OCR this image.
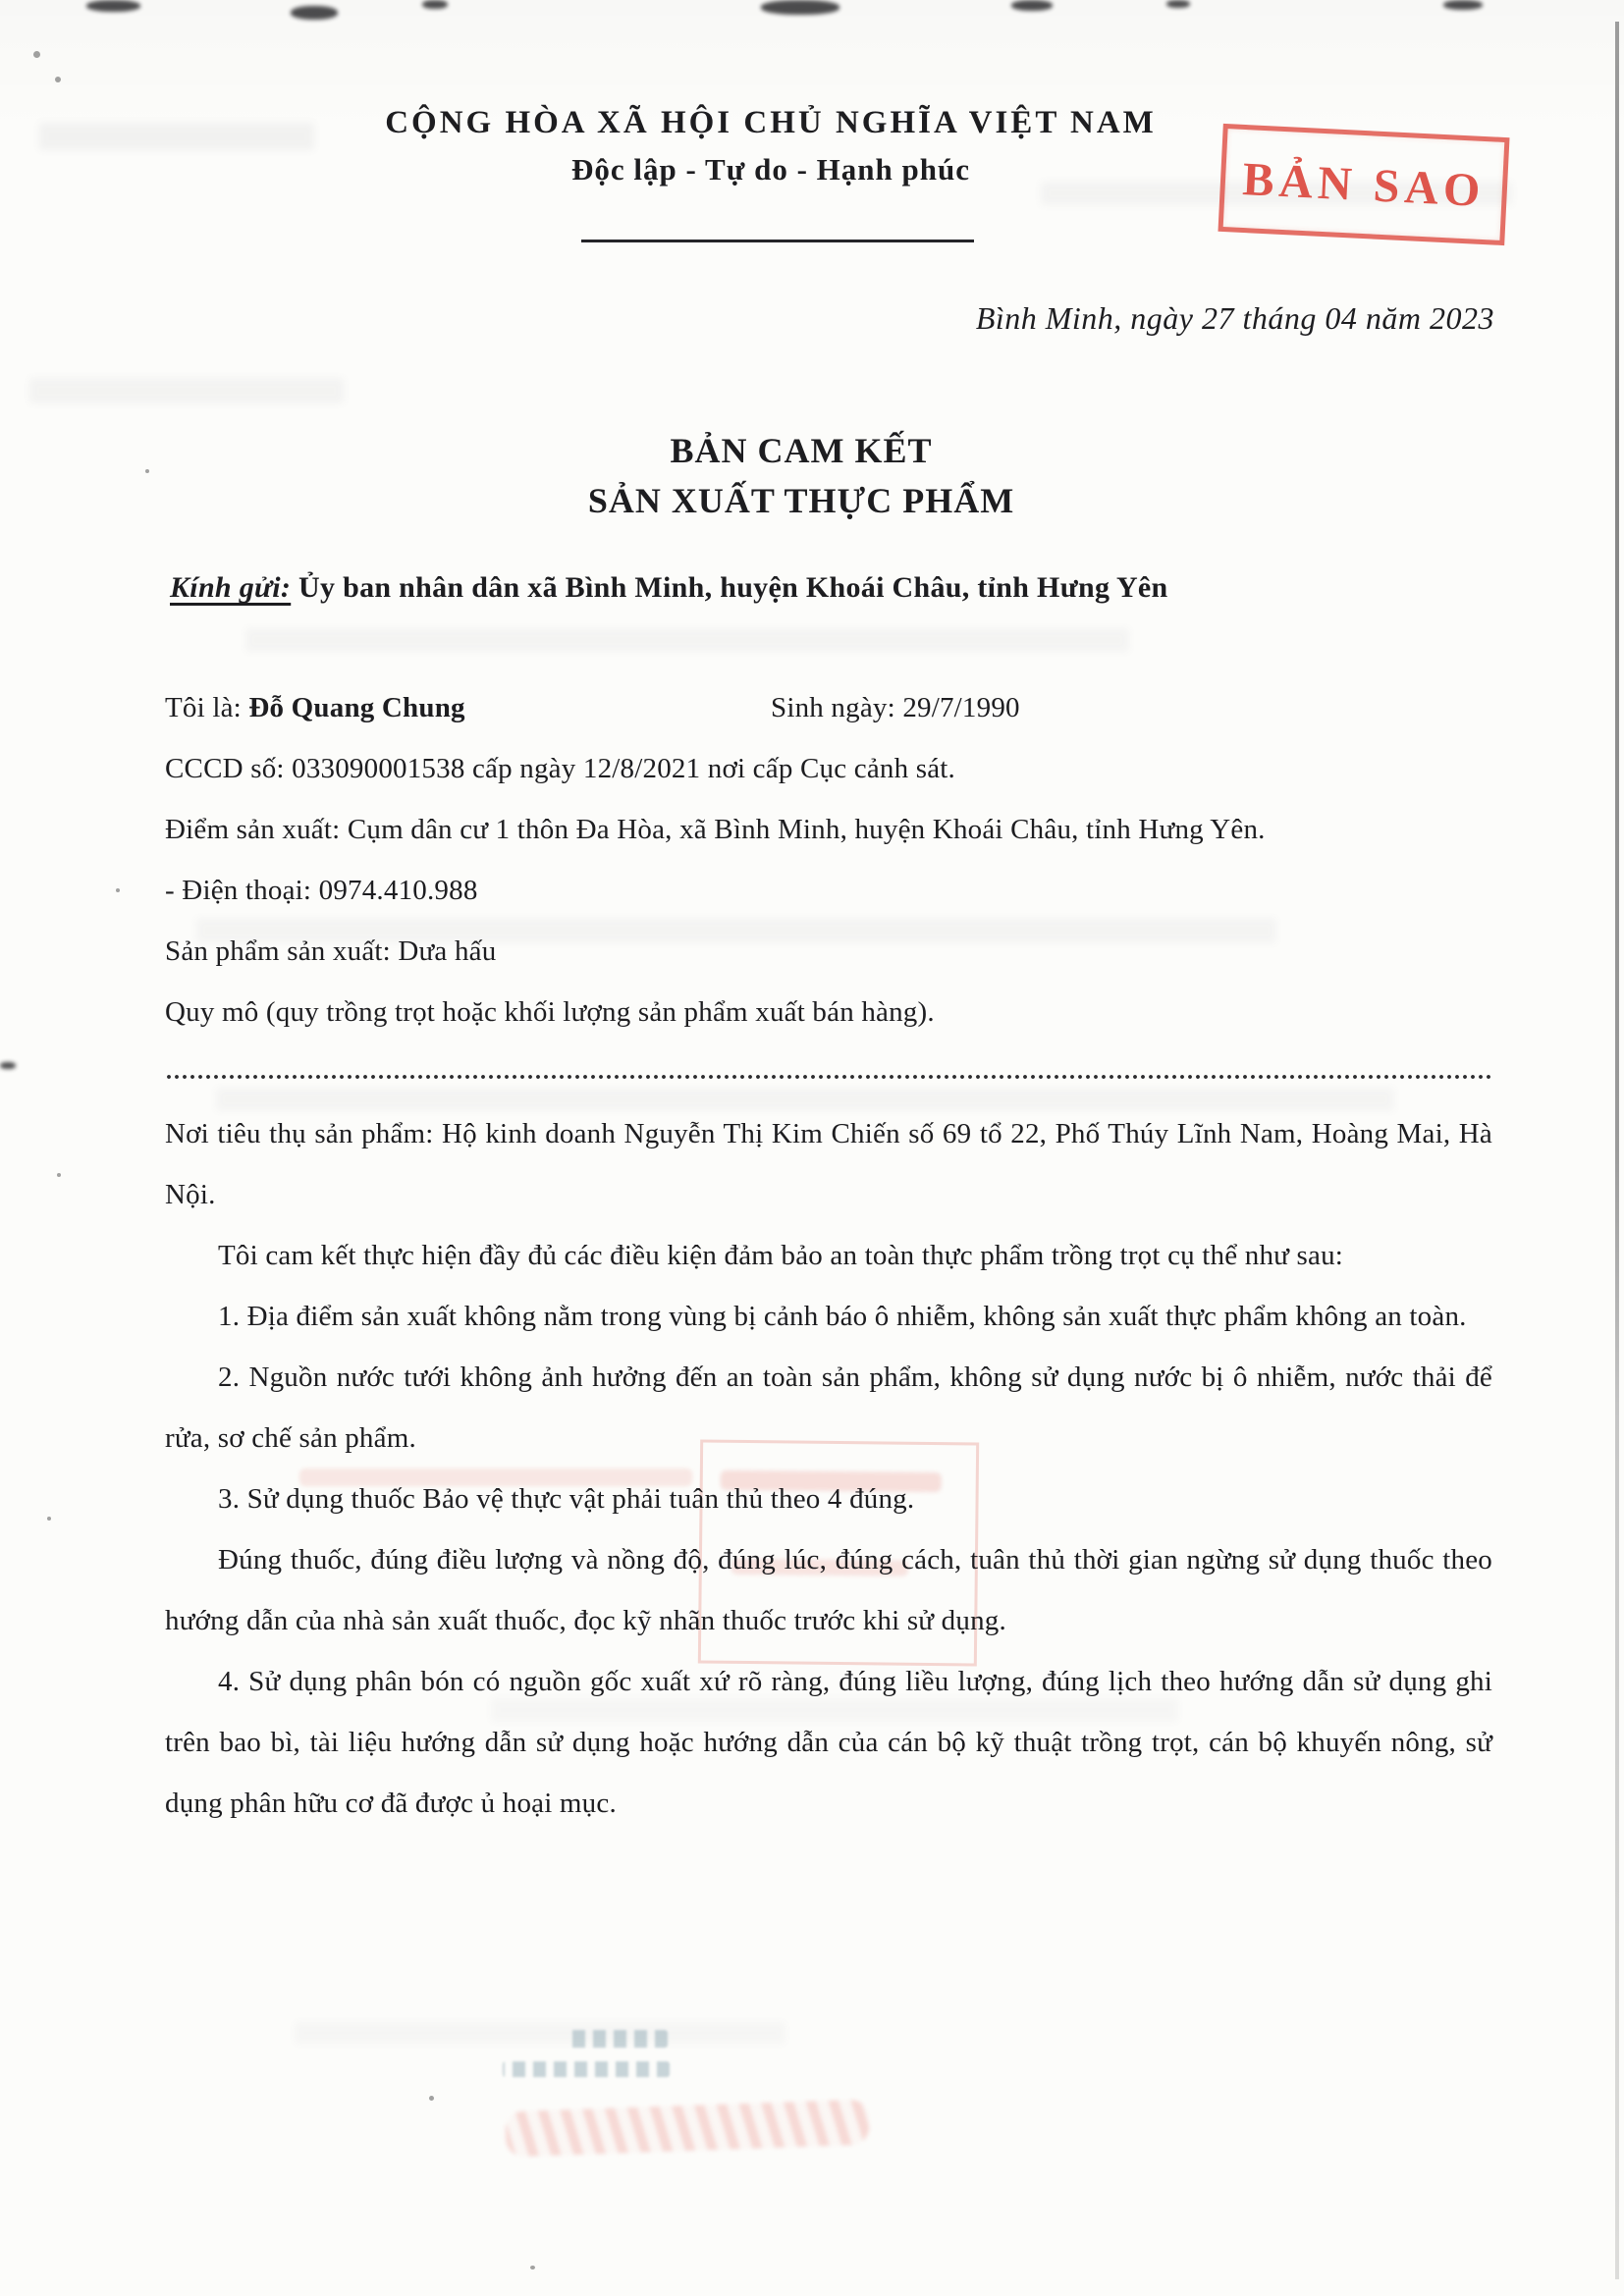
CỘNG HÒA XÃ HỘI CHỦ NGHĨA VIỆT NAM
Độc lập - Tự do - Hạnh phúc	BẢN SAO
Bình Minh, ngày 27 tháng 04 năm 2023
BẢN CAM KẾT
SẢN XUẤT THỰC PHẨM
Kính gửi: Ủy ban nhân dân xã Bình Minh, huyện Khoái Châu, tỉnh Hưng Yên

Tôi là: Đỗ Quang Chung	Sinh ngày: 29/7/1990

CCCD số: 033090001538 cấp ngày 12/8/2021 nơi cấp Cục cảnh sát.

Điểm sản xuất: Cụm dân cư 1 thôn Đa Hòa, xã Bình Minh, huyện Khoái Châu, tỉnh Hưng Yên.

- Điện thoại: 0974.410.988

Sản phẩm sản xuất: Dưa hấu

Quy mô (quy trồng trọt hoặc khối lượng sản phẩm xuất bán hàng).

Nơi tiêu thụ sản phẩm: Hộ kinh doanh Nguyễn Thị Kim Chiến số 69 tổ 22, Phố Thúy Lĩnh Nam, Hoàng Mai, Hà Nội.

Tôi cam kết thực hiện đầy đủ các điều kiện đảm bảo an toàn thực phẩm trồng trọt cụ thể như sau:

1. Địa điểm sản xuất không nằm trong vùng bị cảnh báo ô nhiễm, không sản xuất thực phẩm không an toàn.

2. Nguồn nước tưới không ảnh hưởng đến an toàn sản phẩm, không sử dụng nước bị ô nhiễm, nước thải để rửa, sơ chế sản phẩm.

3. Sử dụng thuốc Bảo vệ thực vật phải tuân thủ theo 4 đúng.

Đúng thuốc, đúng điều lượng và nồng độ, đúng lúc, đúng cách, tuân thủ thời gian ngừng sử dụng thuốc theo hướng dẫn của nhà sản xuất thuốc, đọc kỹ nhãn thuốc trước khi sử dụng.

4. Sử dụng phân bón có nguồn gốc xuất xứ rõ ràng, đúng liều lượng, đúng lịch theo hướng dẫn sử dụng ghi trên bao bì, tài liệu hướng dẫn sử dụng hoặc hướng dẫn của cán bộ kỹ thuật trồng trọt, cán bộ khuyến nông, sử dụng phân hữu cơ đã được ủ hoại mục.
